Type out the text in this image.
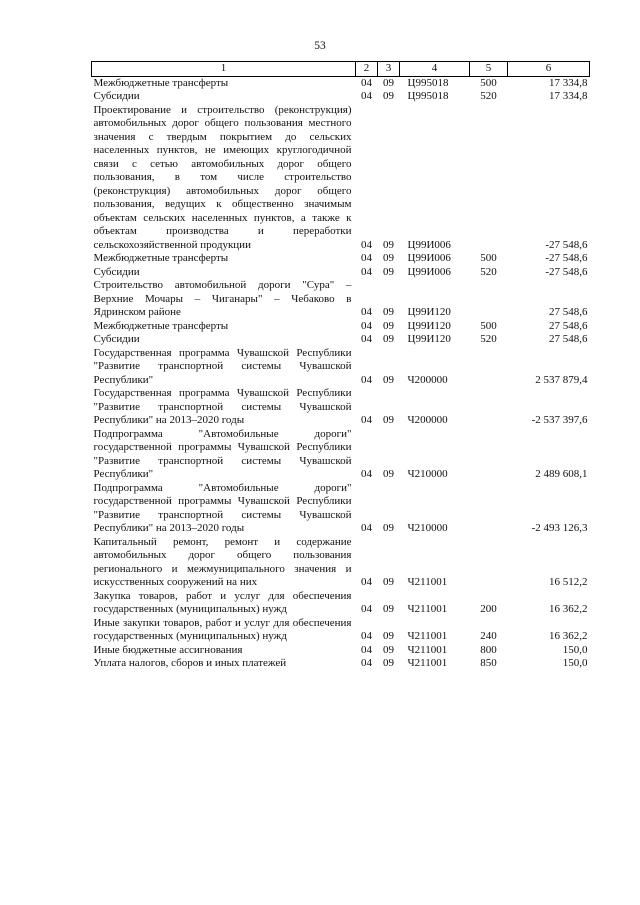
53
1	2	3	4	5	6
Межбюджетные трансферты	04	09	Ц995018	500	17 334,8
Субсидии	04	09	Ц995018	520	17 334,8
Проектирование и строительство (реконструкция) автомобильных дорог общего пользования местного значения с твердым покрытием до сельских населенных пунктов, не имеющих круглогодичной связи с сетью автомобильных дорог общего пользования, в том числе строительство (реконструкция) автомобильных дорог общего пользования, ведущих к общественно значимым объектам сельских населенных пунктов, а также к объектам производства и переработки сельскохозяйственной продукции	04	09	Ц99И006		-27 548,6
Межбюджетные трансферты	04	09	Ц99И006	500	-27 548,6
Субсидии	04	09	Ц99И006	520	-27 548,6
Строительство автомобильной дороги "Сура" – Верхние Мочары – Чиганары" – Чебаково в Ядринском районе	04	09	Ц99И120		27 548,6
Межбюджетные трансферты	04	09	Ц99И120	500	27 548,6
Субсидии	04	09	Ц99И120	520	27 548,6
Государственная программа Чувашской Республики "Развитие транспортной системы Чувашской Республики"	04	09	Ч200000		2 537 879,4
Государственная программа Чувашской Республики "Развитие транспортной системы Чувашской Республики" на 2013–2020 годы	04	09	Ч200000		-2 537 397,6
Подпрограмма "Автомобильные дороги" государственной программы Чувашской Республики "Развитие транспортной системы Чувашской Республики"	04	09	Ч210000		2 489 608,1
Подпрограмма "Автомобильные дороги" государственной программы Чувашской Республики "Развитие транспортной системы Чувашской Республики" на 2013–2020 годы	04	09	Ч210000		-2 493 126,3
Капитальный ремонт, ремонт и содержание автомобильных дорог общего пользования регионального и межмуниципального значения и искусственных сооружений на них	04	09	Ч211001		16 512,2
Закупка товаров, работ и услуг для обеспечения государственных (муниципальных) нужд	04	09	Ч211001	200	16 362,2
Иные закупки товаров, работ и услуг для обеспечения государственных (муниципальных) нужд	04	09	Ч211001	240	16 362,2
Иные бюджетные ассигнования	04	09	Ч211001	800	150,0
Уплата налогов, сборов и иных платежей	04	09	Ч211001	850	150,0
